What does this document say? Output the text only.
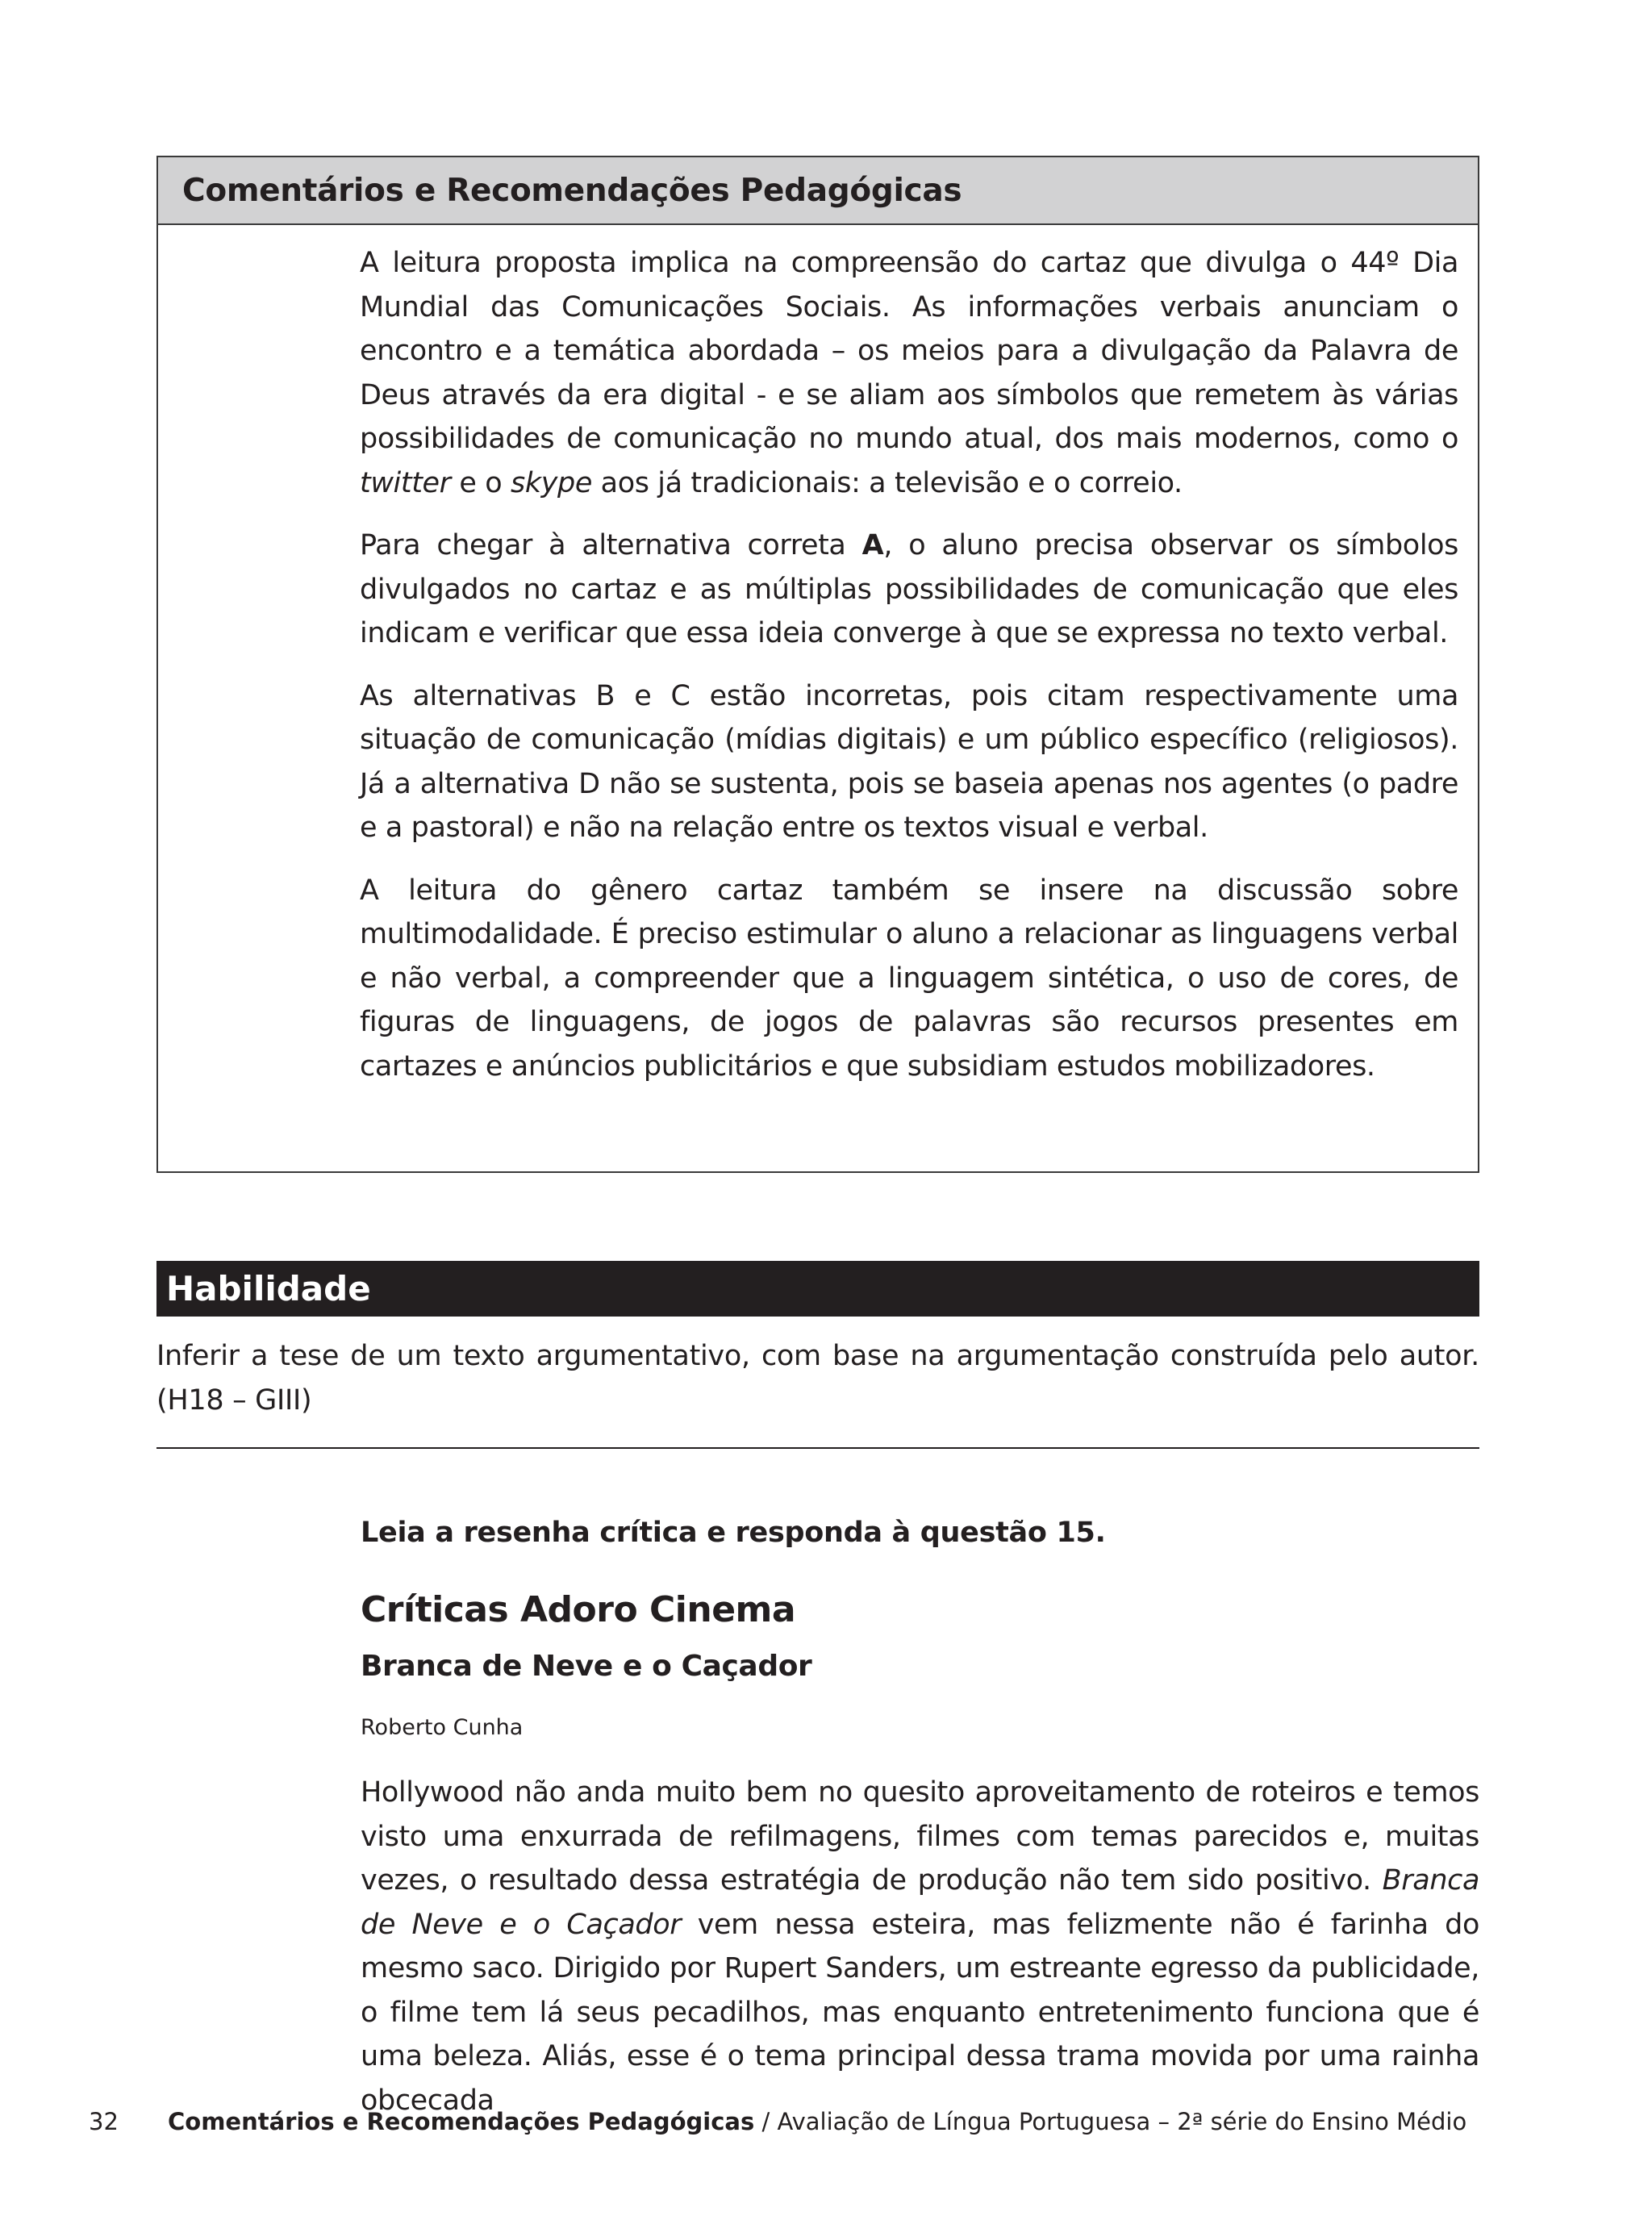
Comentários e Recomendações Pedagógicas

A leitura proposta implica na compreensão do cartaz que divulga o 44º Dia Mundial das Comunicações Sociais. As informações verbais anunciam o encontro e a temática abordada – os meios para a divulgação da Palavra de Deus através da era digital - e se aliam aos símbolos que remetem às várias possibilidades de comunicação no mundo atual, dos mais modernos, como o twitter e o skype aos já tradicionais: a televisão e o correio.

Para chegar à alternativa correta A, o aluno precisa observar os símbolos divulgados no cartaz e as múltiplas possibilidades de comunicação que eles indicam e verificar que essa ideia converge à que se expressa no texto verbal.

As alternativas B e C estão incorretas, pois citam respectivamente uma situação de comunicação (mídias digitais) e um público específico (religiosos). Já a alternativa D não se sustenta, pois se baseia apenas nos agentes (o padre e a pastoral) e não na relação entre os textos visual e verbal.

A leitura do gênero cartaz também se insere na discussão sobre multimodalidade. É preciso estimular o aluno a relacionar as linguagens verbal e não verbal, a compreender que a linguagem sintética, o uso de cores, de figuras de linguagens, de jogos de palavras são recursos presentes em cartazes e anúncios publicitários e que subsidiam estudos mobilizadores.

Habilidade
Inferir a tese de um texto argumentativo, com base na argumentação construída pelo autor.
(H18 – GIII)
Leia a resenha crítica e responda à questão 15.
Críticas Adoro Cinema
Branca de Neve e o Caçador
Roberto Cunha
Hollywood não anda muito bem no quesito aproveitamento de roteiros e temos visto uma enxurrada de refilmagens, filmes com temas parecidos e, muitas vezes, o resultado dessa estratégia de produção não tem sido positivo. Branca de Neve e o Caçador vem nessa esteira, mas felizmente não é farinha do mesmo saco. Dirigido por Rupert Sanders, um estreante egresso da publicidade, o filme tem lá seus pecadilhos, mas enquanto entretenimento funciona que é uma beleza. Aliás, esse é o tema principal dessa trama movida por uma rainha obcecada
32 Comentários e Recomendações Pedagógicas / Avaliação de Língua Portuguesa – 2ª série do Ensino Médio
